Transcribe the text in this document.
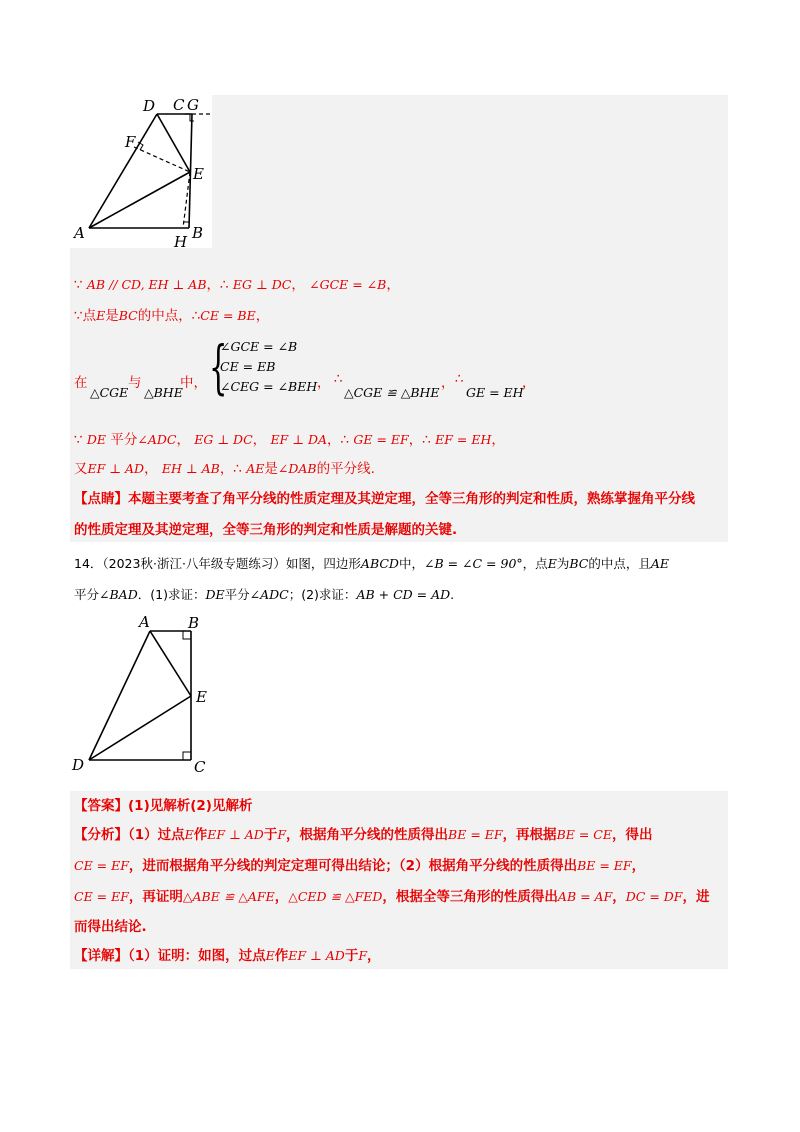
D C G
F
E
A	H B
∵ AB // CD, EH ⊥ AB，∴ EG ⊥ DC， ∠GCE = ∠B，
∵点E是BC的中点，∴CE = BE，
在
△CGE
与
△BHE
中， {
∠GCE = ∠B
CE = EB
∠CEG = ∠BEH ， ∴
△CGE ≌ △BHE
， ∴
GE = EH
，
∵ DE 平分∠ADC， EG ⊥ DC， EF ⊥ DA，∴ GE = EF，∴ EF = EH，
又EF ⊥ AD， EH ⊥ AB，∴ AE是∠DAB的平分线.
【点睛】本题主要考查了角平分线的性质定理及其逆定理，全等三角形的判定和性质，熟练掌握角平分线
的性质定理及其逆定理，全等三角形的判定和性质是解题的关键.
14．（2023秋·浙江·八年级专题练习）如图，四边形ABCD中，∠B = ∠C = 90°，点E为BC的中点，且AE
平分∠BAD．(1)求证：DE平分∠ADC；(2)求证：AB + CD = AD.
A	B
E
D	C
【答案】(1)见解析(2)见解析
【分析】（1）过点E作EF ⊥ AD于F，根据角平分线的性质得出BE = EF，再根据BE = CE，得出
CE = EF，进而根据角平分线的判定定理可得出结论；（2）根据角平分线的性质得出BE = EF，
CE = EF，再证明△ABE ≌ △AFE，△CED ≌ △FED，根据全等三角形的性质得出AB = AF，DC = DF，进
而得出结论.
【详解】（1）证明：如图，过点E作EF ⊥ AD于F，
